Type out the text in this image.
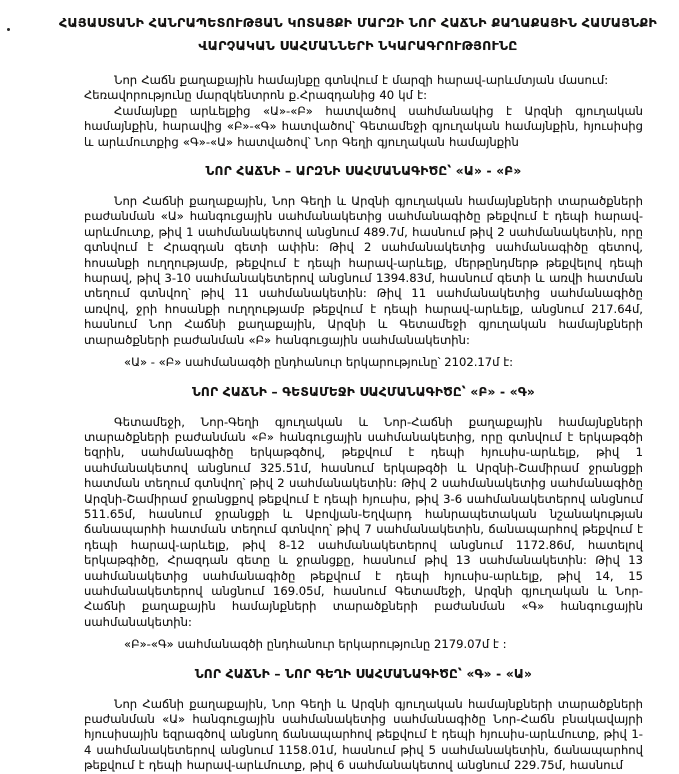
ՀԱՅԱՍՏԱՆԻ ՀԱՆՐԱՊԵՏՈՒԹՅԱՆ ԿՈՏԱՅՔԻ ՄԱՐԶԻ ՆՈՐ ՀԱՃՆԻ ՔԱՂԱՔԱՅԻՆ ՀԱՄԱՅՆՔԻ
ՎԱՐՉԱԿԱՆ ՍԱՀՄԱՆՆԵՐԻ ՆԿԱՐԱԳՐՈՒԹՅՈՒՆԸ

Նոր Հաճն քաղաքային համայնքը գտնվում է մարզի հարավ-արևմտյան մասում:

Հեռավորությունը մարզկենտրոն ք.Հրազդանից 40 կմ է:

Համայնքը արևելքից «Ա»-«Բ» հատվածով սահմանակից է Արզնի գյուղական համայնքին, հարավից «Բ»-«Գ» հատվածով՝ Գետամեջի գյուղական համայնքին, հյուսիսից և արևմուտքից «Գ»-«Ա» հատվածով՝ Նոր Գեղի գյուղական համայնքին

ՆՈՐ ՀԱՃՆԻ – ԱՐԶՆԻ ՍԱՀՄԱՆԱԳԻԾԸ՝ «Ա» - «Բ»

Նոր Հաճնի քաղաքային, Նոր Գեղի և Արզնի գյուղական համայնքների տարածքների բաժանման «Ա» հանգուցային սահմանակետից սահմանագիծը թեքվում է դեպի հարավ-արևմուտք, թիվ 1 սահմանակետով անցնում 489.7մ, հասնում թիվ 2 սահմանակետին, որը գտնվում է Հրազդան գետի ափին: Թիվ 2 սահմանակետից սահմանագիծը գետով, հոսանքի ուղղությամբ, թեքվում է դեպի հարավ-արևելք, մերթընդմերթ թեքվելով դեպի հարավ, թիվ 3-10 սահմանակետերով անցնում 1394.83մ, հասնում գետի և առվի հատման տեղում գտնվող՝ թիվ 11 սահմանակետին: Թիվ 11 սահմանակետից սահմանագիծը առվով, ջրի հոսանքի ուղղությամբ թեքվում է դեպի հարավ-արևելք, անցնում 217.64մ, հասնում Նոր Հաճնի քաղաքային, Արզնի և Գետամեջի գյուղական համայնքների տարածքների բաժանման «Բ» հանգուցային սահմանակետին:

«Ա» - «Բ» սահմանագծի ընդհանուր երկարությունը՝ 2102.17մ է:

ՆՈՐ ՀԱՃՆԻ – ԳԵՏԱՄԵՋԻ ՍԱՀՄԱՆԱԳԻԾԸ՝ «Բ» - «Գ»

Գետամեջի, Նոր-Գեղի գյուղական և Նոր-Հաճնի քաղաքային համայնքների տարածքների բաժանման «Բ» հանգուցային սահմանակետից, որը գտնվում է երկաթգծի եզրին, սահմանագիծը երկաթգծով, թեքվում է դեպի հյուսիս-արևելք, թիվ 1 սահմանակետով անցնում 325.51մ, հասնում երկաթգծի և Արզնի-Շամիրամ ջրանցքի հատման տեղում գտնվող՝ թիվ 2 սահմանակետին: Թիվ 2 սահմանակետից սահմանագիծը Արզնի-Շամիրամ ջրանցքով թեքվում է դեպի հյուսիս, թիվ 3-6 սահմանակետերով անցնում 511.65մ, հասնում ջրանցքի և Աբովյան-Եղվարդ հանրապետական նշանակության ճանապարհի հատման տեղում գտնվող՝ թիվ 7 սահմանակետին, ճանապարհով թեքվում է դեպի հարավ-արևելք, թիվ 8-12 սահմանակետերով անցնում 1172.86մ, հատելով երկաթգիծը, Հրազդան գետը և ջրանցքը, հասնում թիվ 13 սահմանակետին: Թիվ 13 սահմանակետից սահմանագիծը թեքվում է դեպի հյուսիս-արևելք, թիվ 14, 15 սահմանակետերով անցնում 169.05մ, հասնում Գետամեջի, Արզնի գյուղական և Նոր-Հաճնի քաղաքային համայնքների տարածքների բաժանման «Գ» հանգուցային սահմանակետին:

«Բ»-«Գ» սահմանագծի ընդհանուր երկարությունը 2179.07մ է :

ՆՈՐ ՀԱՃՆԻ – ՆՈՐ ԳԵՂԻ ՍԱՀՄԱՆԱԳԻԾԸ՝ «Գ» - «Ա»

Նոր Հաճնի քաղաքային, Նոր Գեղի և Արզնի գյուղական համայնքների տարածքների բաժանման «Ա» հանգուցային սահմանակետից սահմանագիծը Նոր-Հաճն բնակավայրի հյուսիսային եզրագծով անցնող ճանապարհով թեքվում է դեպի հյուսիս-արևմուտք, թիվ 1-4 սահմանակետերով անցնում 1158.01մ, հասնում թիվ 5 սահմանակետին, ճանապարհով թեքվում է դեպի հարավ-արևմուտք, թիվ 6 սահմանակետով անցնում 229.75մ, հասնում
